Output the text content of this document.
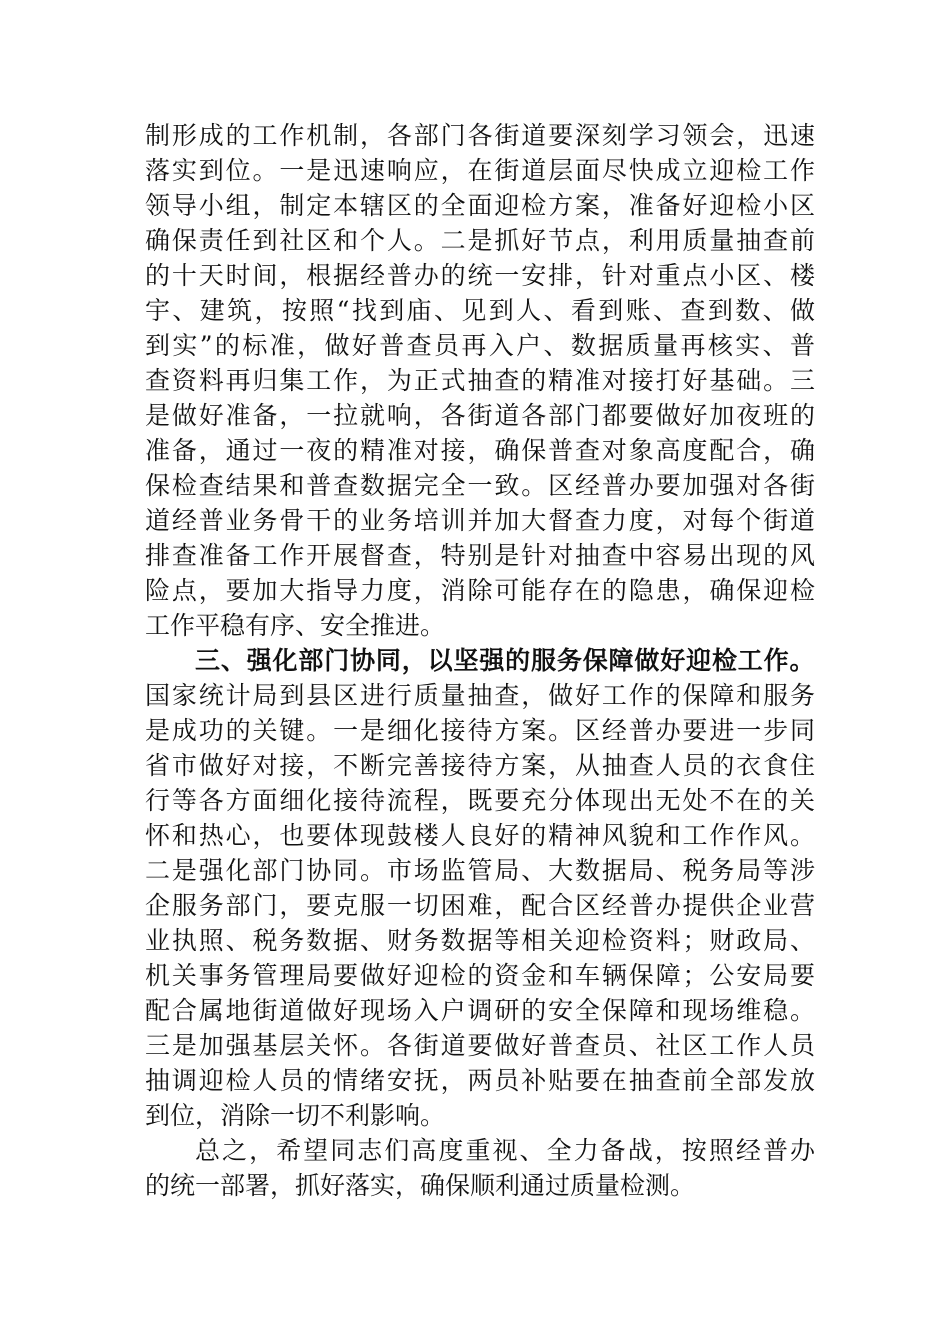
制形成的工作机制，各部门各街道要深刻学习领会，迅速
落实到位。一是迅速响应，在街道层面尽快成立迎检工作
领导小组，制定本辖区的全面迎检方案，准备好迎检小区
确保责任到社区和个人。二是抓好节点，利用质量抽查前
的十天时间，根据经普办的统一安排，针对重点小区、楼
宇、建筑，按照“找到庙、见到人、看到账、查到数、做
到实”的标准，做好普查员再入户、数据质量再核实、普
查资料再归集工作，为正式抽查的精准对接打好基础。三
是做好准备，一拉就响，各街道各部门都要做好加夜班的
准备，通过一夜的精准对接，确保普查对象高度配合，确
保检查结果和普查数据完全一致。区经普办要加强对各街
道经普业务骨干的业务培训并加大督查力度，对每个街道
排查准备工作开展督查，特别是针对抽查中容易出现的风
险点，要加大指导力度，消除可能存在的隐患，确保迎检
工作平稳有序、安全推进。
三、强化部门协同，以坚强的服务保障做好迎检工作。
国家统计局到县区进行质量抽查，做好工作的保障和服务
是成功的关键。一是细化接待方案。区经普办要进一步同
省市做好对接，不断完善接待方案，从抽查人员的衣食住
行等各方面细化接待流程，既要充分体现出无处不在的关
怀和热心，也要体现鼓楼人良好的精神风貌和工作作风。
二是强化部门协同。市场监管局、大数据局、税务局等涉
企服务部门，要克服一切困难，配合区经普办提供企业营
业执照、税务数据、财务数据等相关迎检资料；财政局、
机关事务管理局要做好迎检的资金和车辆保障；公安局要
配合属地街道做好现场入户调研的安全保障和现场维稳。
三是加强基层关怀。各街道要做好普查员、社区工作人员
抽调迎检人员的情绪安抚，两员补贴要在抽查前全部发放
到位，消除一切不利影响。
总之，希望同志们高度重视、全力备战，按照经普办
的统一部署，抓好落实，确保顺利通过质量检测。
